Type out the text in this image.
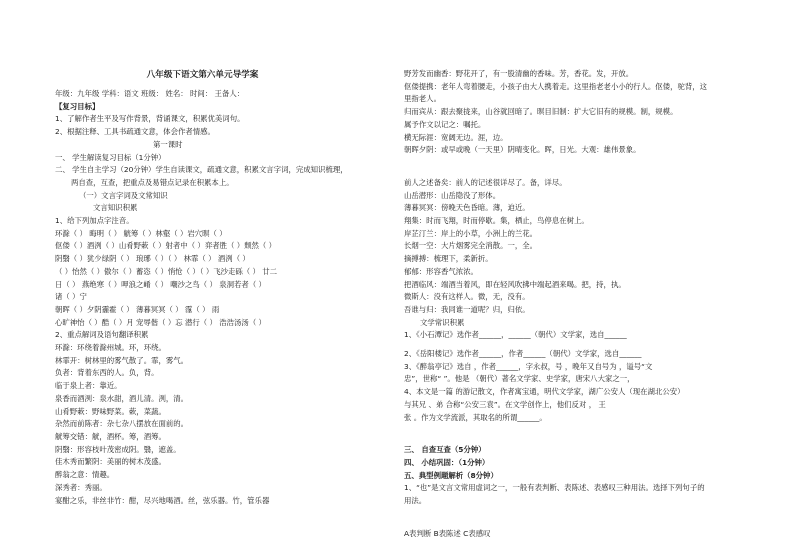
八年级下语文第六单元导学案
年级：九年级 学科：语文 班级： 姓名： 时间： 王备人：
【复习目标】
1、了解作者生平及写作背景，背诵课文，积累优美词句。
2、根据注释、工具书疏通文意，体会作者情感。
第一课时
一、 学生解读复习目标（1分钟）
二、 学生自主学习（20分钟）学生自读课文，疏通文意，积累文言字词，完成知识梳理，
两自查，互查，把重点及易错点记录在积累本上。
（一）文言字词及文常知识
文言知识积累
1、给下列加点字注音。
环滁（ ） 晦明（ ） 觥筹（ ）林壑（ ）岩穴暝（ ）
伛偻（ ）酒洌（ ）山肴野蔌（ ）射者中（ ）弈者胜（ ）颓然（ ）
阴翳（ ）犹少绿阴（ ） 琅琊（ ）（ ） 林霏（ ） 酒洌（ ）
（ ）怡然（ ）傲尔（ ）蓄恣（ ）悄怆（ ）（ ）飞沙走砾（ ） 廿二
日（ ） 燕绝寒（ ）呷浪之崤（ ） 嘲沙之鸟（ ） 泉洞若者（ ）
诸（ ）宁
朝晖（ ）夕阴霾霍（ ） 薄暮冥冥（ ） 霪（ ） 雨
心旷神怡（ ）酷（ ）月 宠辱偕（ ）忘 潜行（ ） 浩浩汤汤（ ）
2、重点解词及语句翻译积累
环滁：环绕着滁州城。环，环绕。
林霏开：树林里的雾气散了。霏，雾气。
负者：背着东西的人。负，背。
临于泉上者：靠近。
泉香而酒洌：泉水甜，酒儿清。洌，清。
山肴野蔌：野味野菜。蔌，菜蔬。
杂然而前陈者：杂七杂八摆放在面前的。
觥筹交错：觥，酒杯。筹，酒筹。
阴翳：形容枝叶茂密成阴。翳，遮盖。
佳木秀而繁阴：美丽的树木茂盛。
醉翁之意：情趣。
深秀者：秀丽。
宴酣之乐，非丝非竹：酣，尽兴地喝酒。丝，弦乐器。竹，管乐器
野芳发而幽香：野花开了，有一股清幽的香味。芳，香花。发，开放。
伛偻提携：老年人弯着腰走，小孩子由大人携着走。这里指老老小小的行人。伛偻，驼背，这
里指老人。
归而宾从：跟去聚拢来，山谷就回暗了。暝目旧制：扩大它旧有的规模。制，规模。
属予作文以记之：嘱托。
横无际涯：宽阔无边。涯，边。
朝晖夕阴：或早或晚（一天里）阴晴变化。晖，日光。大观：雄伟景象。
前人之述备矣：前人的记述很详尽了。备，详尽。
山岳潜形：山岳隐没了形体。
薄暮冥冥：傍晚天色昏暗。薄，迫近。
翔集：时而飞翔，时而停歇。集，栖止，鸟停息在树上。
岸芷汀兰：岸上的小草，小洲上的兰花。
长烟一空：大片烟雾完全消散。一，全。
摘搏搏：梳理下，柔新折。
郁郁：形容香气浓浓。
把酒临风：端酒当着风，即在轻风吹拂中端起酒来喝。把，持，执。
微斯人：没有这样人。微，无，没有。
吾谁与归：我同谁一道呢？归，归依。
文学常识积累
1、《小石潭记》选作者______，______（朝代）文学家，选自______
2、《岳阳楼记》选作者______，作者______（朝代）文学家，选自______
3、《醉翁亭记》选自 ，作者______，字永叔，号 ，晚年又自号为 ，谥号“文
忠”，世称“ ”。他是 （朝代）著名文学家、史学家，唐宋八大家之一，
4、本文是一篇 的游记散文，作者寓宝通，明代文学家，湖广公安人（现在湖北公安）
与其兄 、弟 合称“公安三袁”。在文学创作上，他们反对 ， 王
张 。作为文学流派，其取名的所谓______。
三、 自查互查（5分钟）
四、 小结巩固：（1分钟）
五、典型例题解析（8分钟）
1、“也”是文言文常用虚词之一，一般有表判断、表陈述、表感叹三种用法。选择下列句子的
用法。
A表判断 B表陈述 C表感叹
